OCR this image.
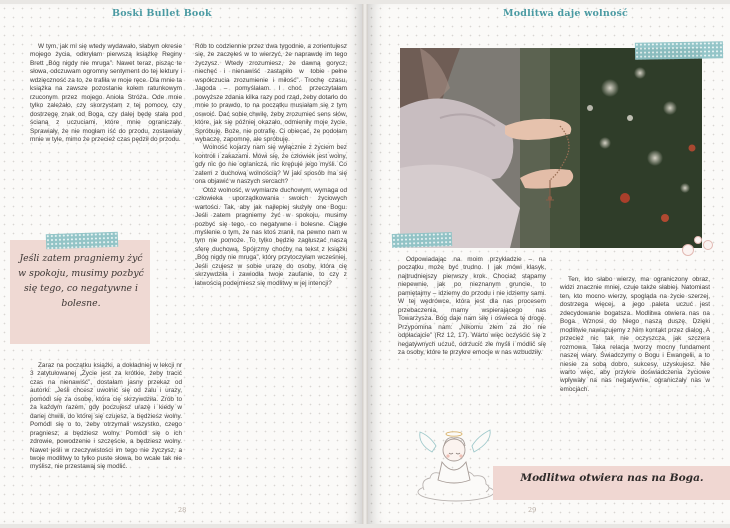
Boski Bullet Book

W tym, jak mi się wtedy wydawało, słabym okresie mojego życia, odkryłam pierwszą książkę Reginy Brett „Bóg nigdy nie mruga”. Nawet teraz, pisząc te słowa, odczuwam ogromny sentyment do tej lektury i wdzięczność za to, że trafiła w moje ręce. Dla mnie ta książka na zawsze pozostanie kołem ratunkowym rzuconym przez mojego Anioła Stróża. Ode mnie tylko zależało, czy skorzystam z tej pomocy, czy dostrzegę znak od Boga, czy dalej będę stała pod ścianą z uczuciami, które mnie ograniczały. Sprawiały, że nie mogłam iść do przodu, zostawiały mnie w tyle, mimo że przecież czas pędził do przodu.

Rób to codziennie przez dwa tygodnie, a zorientujesz się, że zaczęłeś w to wierzyć, że naprawdę im tego życzysz. Wtedy zrozumiesz, że dawną gorycz, niechęć i nienawiść zastąpiło w tobie pełne współczucia zrozumienie i miłość”. Trochę czasu, Jagoda – pomyślałam. I choć przeczytałam powyższe zdania kilka razy pod rząd, żeby dotarło do mnie to prawdo, to na początku musiałam się z tym oswoić. Dać sobie chwilę, żeby zrozumieć sens słów, które, jak się później okazało, odmieniły moje życie. Spróbuję. Boże, nie potrafię. Ci obiecać, że podołam wybaczę, zapomnę, ale spróbuję.

Wolność kojarzy nam się wyłącznie z życiem bez kontroli i zakazami. Mówi się, że człowiek jest wolny, gdy nic go nie ogranicza, nic krępuje jego myśli. Co zatem z duchową wolnością? W jaki sposób ma się ona objawić w naszych sercach?

Otóż wolność, w wymiarze duchowym, wymaga od człowieka uporządkowania swoich życiowych wartości. Tak, aby jak najlepiej służyły one Bogu. Jeśli zatem pragniemy żyć w spokoju, musimy pozbyć się tego, co negatywne i bolesne. Ciągłe myślenie o tym, że nas ktoś zranił, na pewno nam w tym nie pomoże. To tylko będzie zagłuszać naszą sferę duchową. Spójrzmy choćby na tekst z książki „Bóg nigdy nie mruga”, który przytoczyłam wcześniej. Jeśli czujesz w sobie urazę do osoby, która cię skrzywdziła i zawiodła twoje zaufanie, to czy z łatwością podejmiesz się modlitwy w jej intencji?

Jeśli zatem pragniemy żyć w spokoju, musimy pozbyć się tego, co negatywne i bolesne.

Zaraz na początku książki, a dokładniej w lekcji nr 3 zatytułowanej „Życie jest za krótkie, żeby tracić czas na nienawiść”, dostałam jasny przekaz od autorki: „Jeśli chcesz uwolnić się od żalu i urazy, pomódl się za osobę, która cię skrzywdziła. Zrób to za każdym razem, gdy poczujesz urazę i kiedy w danej chwili, do której się czujesz, a będziesz wolny. Pomódl się o to, żeby otrzymali wszystko, czego pragniesz, a będziesz wolny. Pomódl się o ich zdrowie, powodzenie i szczęście, a będziesz wolny. Nawet jeśli w rzeczywistości im tego nie życzysz, a twoje modlitwy to tylko puste słowa, bo wcale tak nie myślisz, nie przestawaj się modlić.

28
Modlitwa daje wolność

Odpowiadając na moim przykładzie – na początku może być trudno. I jak mówi klasyk, najtrudniejszy pierwszy krok. Chociaż stąpamy niepewnie, jak po nieznanym gruncie, to pamiętajmy – idziemy do przodu i nie idziemy sami. W tej wędrówce, która jest dla nas procesem przebaczenia, mamy wspierającego nas Towarzysza. Bóg daje nam siłę i oświeca tę drogę. Przypomina nam: „Nikomu złem za zło nie odpłacajcie” (Rz 12, 17). Warto więc oczyścić się z negatywnych uczuć, odrzucić złe myśli i modlić się za osoby, które te przykre emocje w nas wzbudziły.

Ten, kto słabo wierzy, ma ograniczony obraz, widzi znacznie mniej, czuje także słabiej. Natomiast ten, kto mocno wierzy, spogląda na życie szerzej, dostrzega więcej, a jego paleta uczuć jest zdecydowanie bogatsza. Modlitwa otwiera nas na Boga. Wznosi do Niego naszą duszę. Dzięki modlitwie nawiązujemy z Nim kontakt przez dialog. A przecież nic tak nie oczyszcza, jak szczera rozmowa. Taka relacja tworzy mocny fundament naszej wiary. Świadczymy o Bogu i Ewangelii, a to niesie za sobą dobro, sukcesy, uzyskujesz. Nie warto więc, aby przykre doświadczenia życiowe wpływały na nas negatywnie, ograniczały nas w emocjach.

Modlitwa otwiera nas na Boga.
29
